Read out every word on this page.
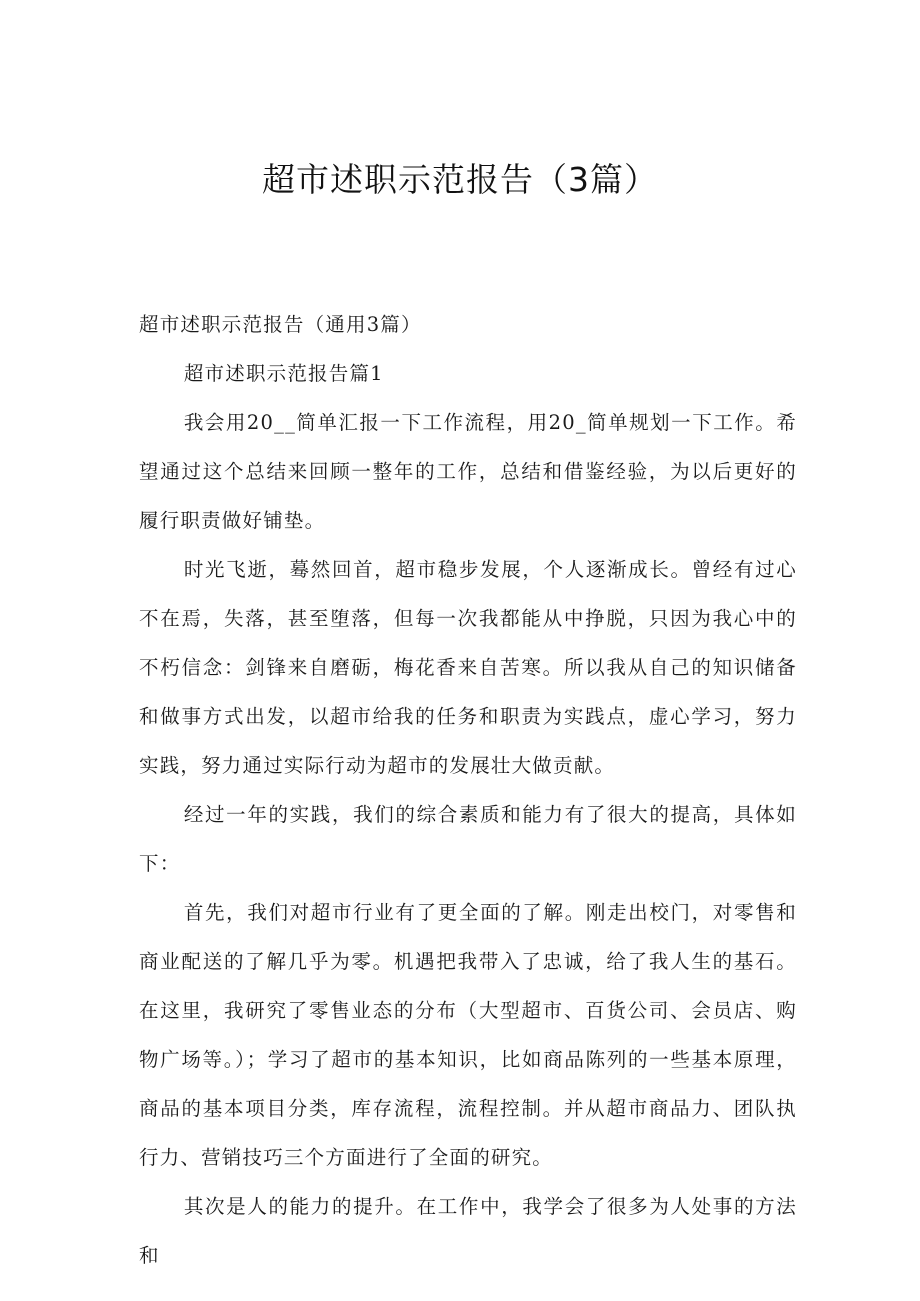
超市述职示范报告（3篇）

超市述职示范报告（通用3篇）

超市述职示范报告篇1

我会用20__简单汇报一下工作流程，用20_简单规划一下工作。希望通过这个总结来回顾一整年的工作，总结和借鉴经验，为以后更好的履行职责做好铺垫。

时光飞逝，蓦然回首，超市稳步发展，个人逐渐成长。曾经有过心不在焉，失落，甚至堕落，但每一次我都能从中挣脱，只因为我心中的不朽信念：剑锋来自磨砺，梅花香来自苦寒。所以我从自己的知识储备和做事方式出发，以超市给我的任务和职责为实践点，虚心学习，努力实践，努力通过实际行动为超市的发展壮大做贡献。

经过一年的实践，我们的综合素质和能力有了很大的提高，具体如下：

首先，我们对超市行业有了更全面的了解。刚走出校门，对零售和商业配送的了解几乎为零。机遇把我带入了忠诚，给了我人生的基石。在这里，我研究了零售业态的分布（大型超市、百货公司、会员店、购物广场等。）；学习了超市的基本知识，比如商品陈列的一些基本原理，商品的基本项目分类，库存流程，流程控制。并从超市商品力、团队执行力、营销技巧三个方面进行了全面的研究。

其次是人的能力的提升。在工作中，我学会了很多为人处事的方法和
